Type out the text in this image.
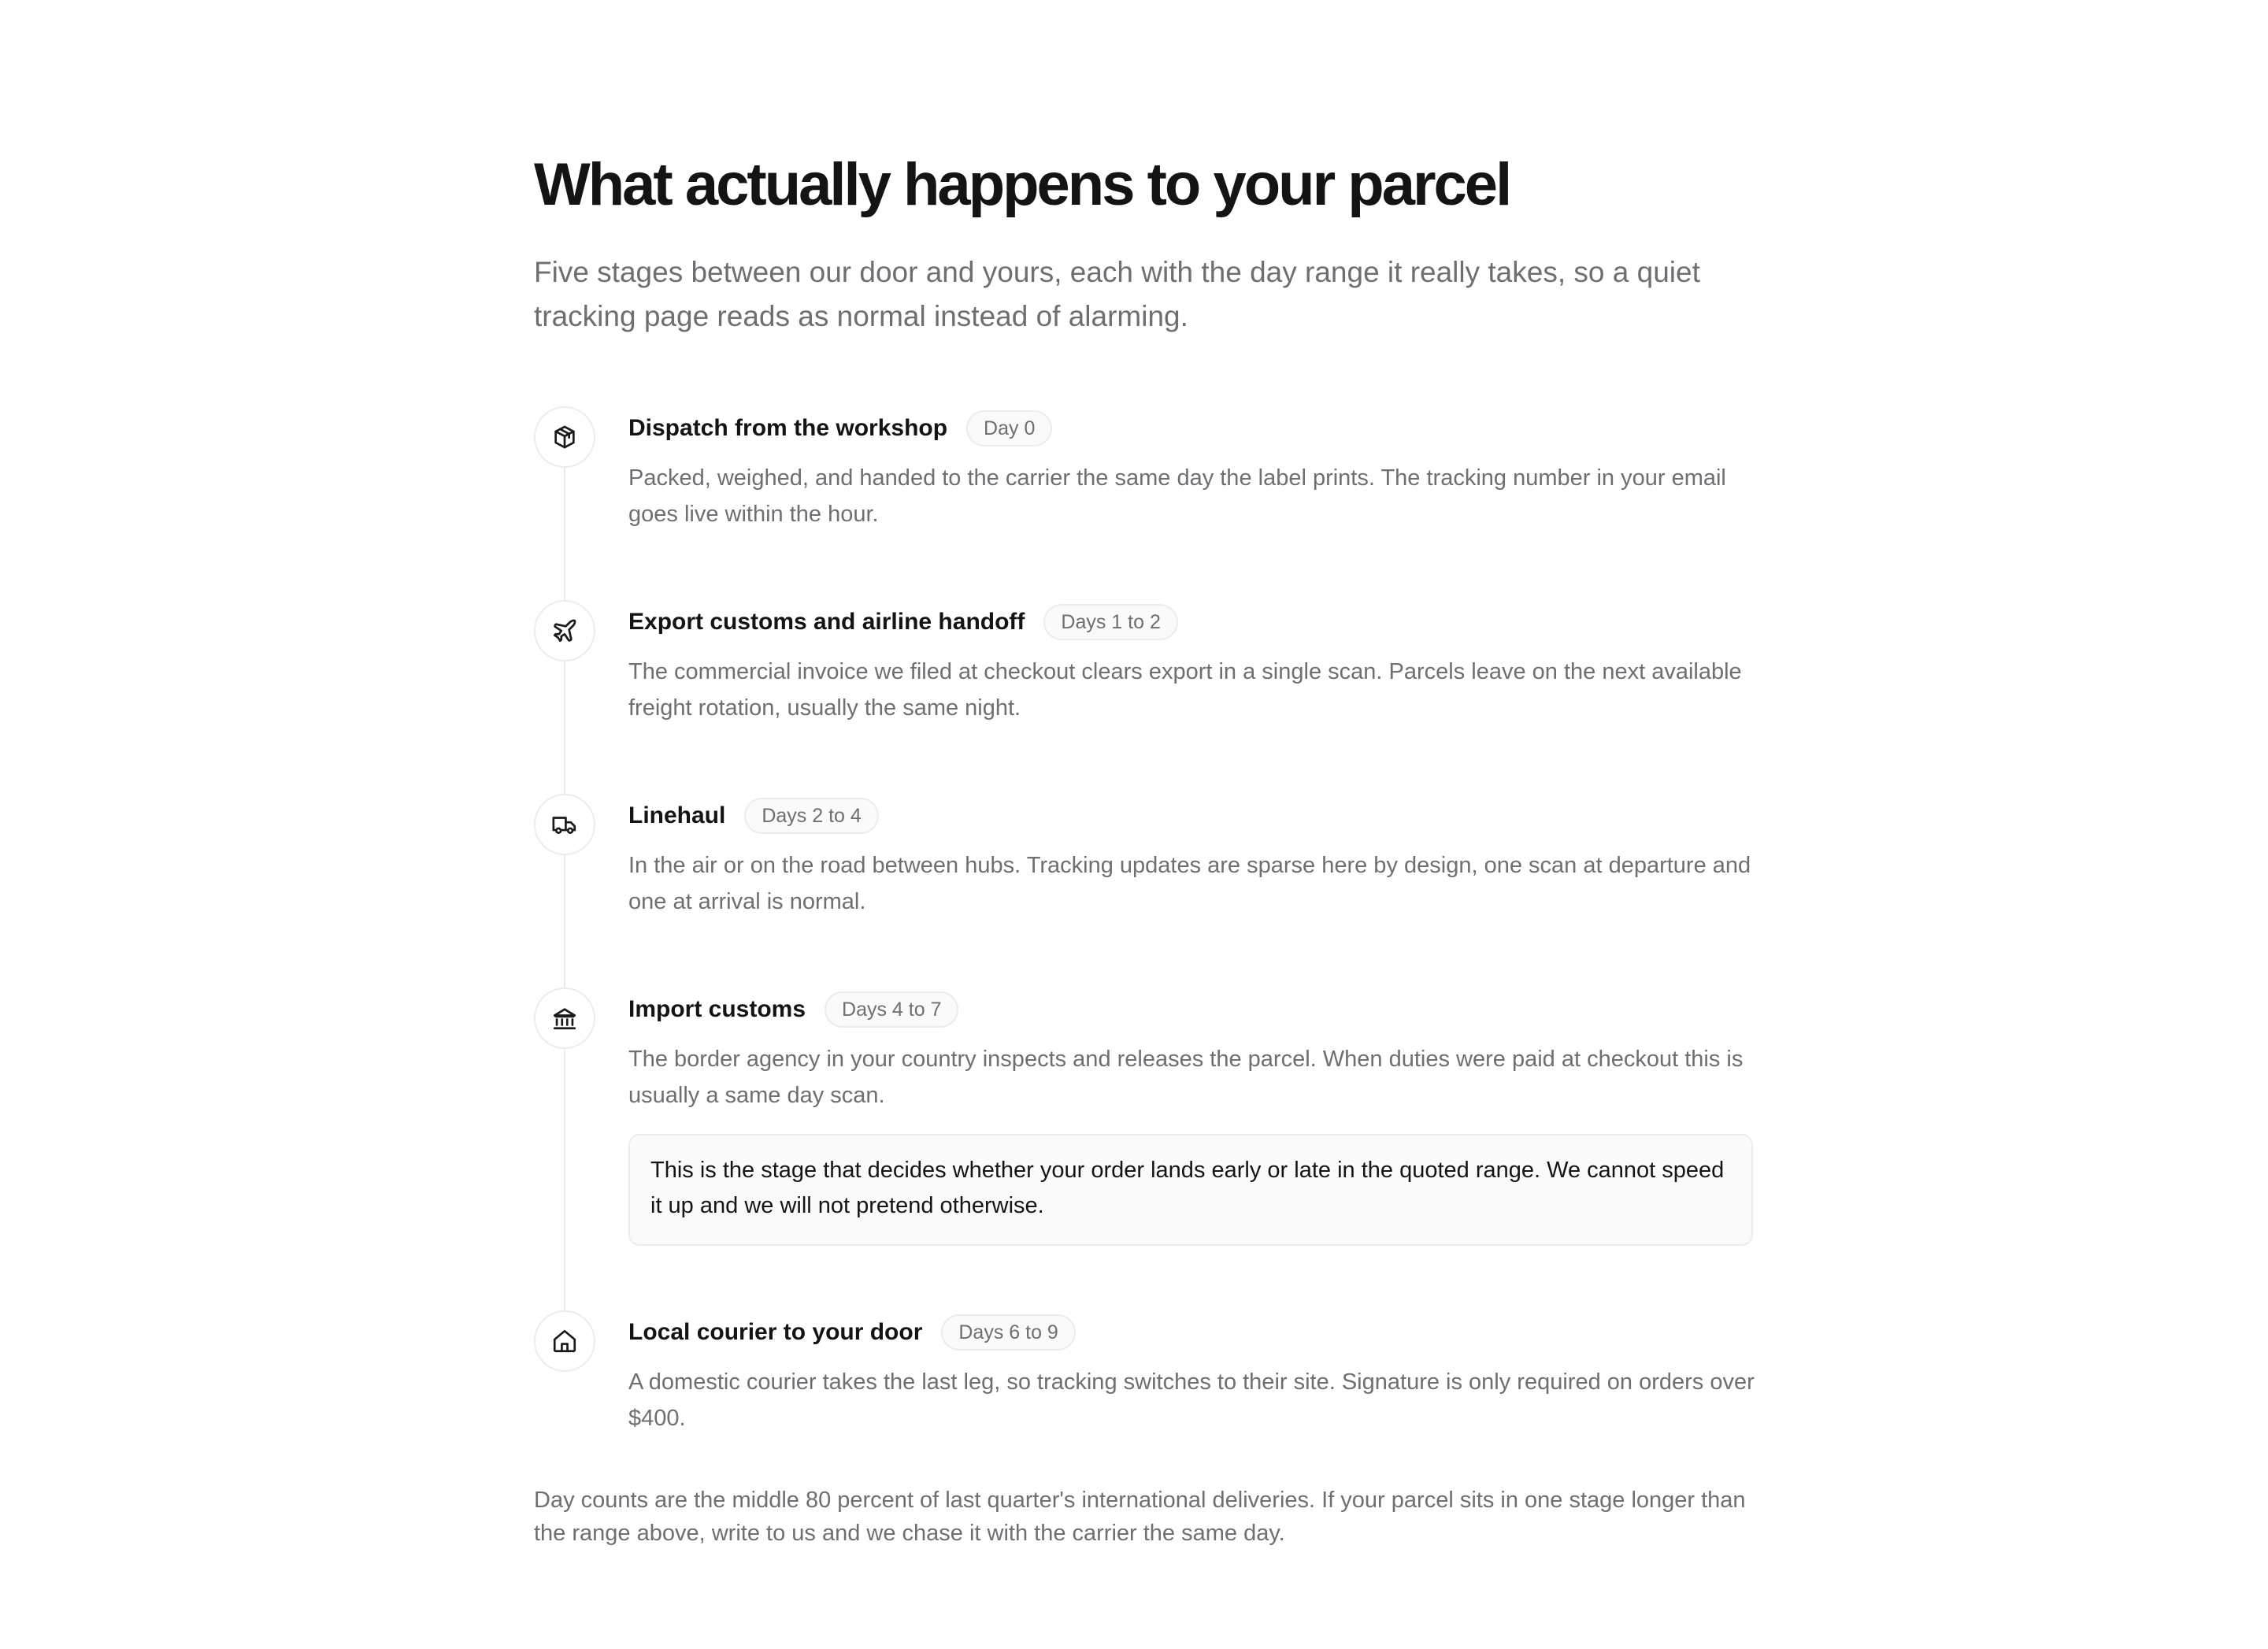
What actually happens to your parcel

Five stages between our door and yours, each with the day range it really takes, so a quiet tracking page reads as normal instead of alarming.

Dispatch from the workshop	Day 0

Packed, weighed, and handed to the carrier the same day the label prints. The tracking number in your email goes live within the hour.

Export customs and airline handoff	Days 1 to 2

The commercial invoice we filed at checkout clears export in a single scan. Parcels leave on the next available freight rotation, usually the same night.

Linehaul	Days 2 to 4

In the air or on the road between hubs. Tracking updates are sparse here by design, one scan at departure and one at arrival is normal.

Import customs	Days 4 to 7

The border agency in your country inspects and releases the parcel. When duties were paid at checkout this is usually a same day scan.

This is the stage that decides whether your order lands early or late in the quoted range. We cannot speed it up and we will not pretend otherwise.
Local courier to your door	Days 6 to 9

A domestic courier takes the last leg, so tracking switches to their site. Signature is only required on orders over $400.

Day counts are the middle 80 percent of last quarter's international deliveries. If your parcel sits in one stage longer than the range above, write to us and we chase it with the carrier the same day.
